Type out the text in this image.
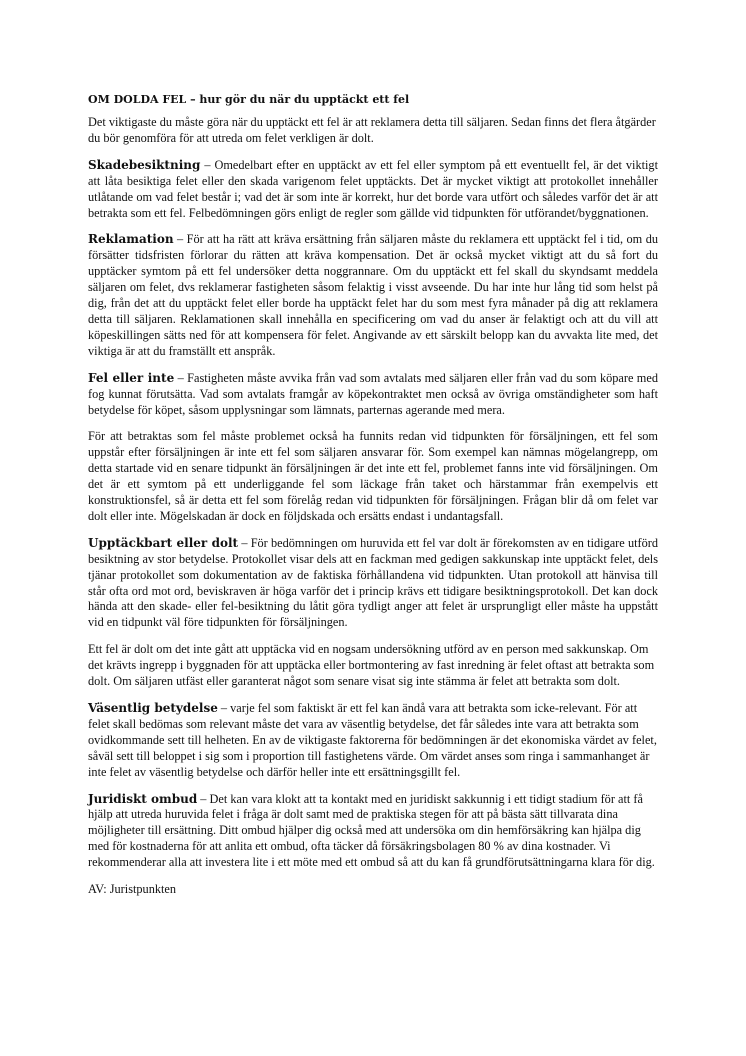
OM DOLDA FEL – hur gör du när du upptäckt ett fel

Det viktigaste du måste göra när du upptäckt ett fel är att reklamera detta till säljaren. Sedan finns det flera åtgärder du bör genomföra för att utreda om felet verkligen är dolt.

Skadebesiktning – Omedelbart efter en upptäckt av ett fel eller symptom på ett eventuellt fel, är det viktigt att låta besiktiga felet eller den skada varigenom felet upptäckts. Det är mycket viktigt att protokollet innehåller utlåtande om vad felet består i; vad det är som inte är korrekt, hur det borde vara utfört och således varför det är att betrakta som ett fel. Felbedömningen görs enligt de regler som gällde vid tidpunkten för utförandet/byggnationen.

Reklamation – För att ha rätt att kräva ersättning från säljaren måste du reklamera ett upptäckt fel i tid, om du försätter tidsfristen förlorar du rätten att kräva kompensation. Det är också mycket viktigt att du så fort du upptäcker symtom på ett fel undersöker detta noggrannare. Om du upptäckt ett fel skall du skyndsamt meddela säljaren om felet, dvs reklamerar fastigheten såsom felaktig i visst avseende. Du har inte hur lång tid som helst på dig, från det att du upptäckt felet eller borde ha upptäckt felet har du som mest fyra månader på dig att reklamera detta till säljaren. Reklamationen skall innehålla en specificering om vad du anser är felaktigt och att du vill att köpeskillingen sätts ned för att kompensera för felet. Angivande av ett särskilt belopp kan du avvakta lite med, det viktiga är att du framställt ett anspråk.

Fel eller inte – Fastigheten måste avvika från vad som avtalats med säljaren eller från vad du som köpare med fog kunnat förutsätta. Vad som avtalats framgår av köpekontraktet men också av övriga omständigheter som haft betydelse för köpet, såsom upplysningar som lämnats, parternas agerande med mera.

För att betraktas som fel måste problemet också ha funnits redan vid tidpunkten för försäljningen, ett fel som uppstår efter försäljningen är inte ett fel som säljaren ansvarar för. Som exempel kan nämnas mögelangrepp, om detta startade vid en senare tidpunkt än försäljningen är det inte ett fel, problemet fanns inte vid försäljningen. Om det är ett symtom på ett underliggande fel som läckage från taket och härstammar från exempelvis ett konstruktionsfel, så är detta ett fel som förelåg redan vid tidpunkten för försäljningen. Frågan blir då om felet var dolt eller inte. Mögelskadan är dock en följdskada och ersätts endast i undantagsfall.

Upptäckbart eller dolt – För bedömningen om huruvida ett fel var dolt är förekomsten av en tidigare utförd besiktning av stor betydelse. Protokollet visar dels att en fackman med gedigen sakkunskap inte upptäckt felet, dels tjänar protokollet som dokumentation av de faktiska förhållandena vid tidpunkten. Utan protokoll att hänvisa till står ofta ord mot ord, beviskraven är höga varför det i princip krävs ett tidigare besiktningsprotokoll. Det kan dock hända att den skade- eller fel-besiktning du låtit göra tydligt anger att felet är ursprungligt eller måste ha uppstått vid en tidpunkt väl före tidpunkten för försäljningen.

Ett fel är dolt om det inte gått att upptäcka vid en nogsam undersökning utförd av en person med sakkunskap. Om det krävts ingrepp i byggnaden för att upptäcka eller bortmontering av fast inredning är felet oftast att betrakta som dolt. Om säljaren utfäst eller garanterat något som senare visat sig inte stämma är felet att betrakta som dolt.

Väsentlig betydelse – varje fel som faktiskt är ett fel kan ändå vara att betrakta som icke-relevant. För att felet skall bedömas som relevant måste det vara av väsentlig betydelse, det får således inte vara att betrakta som ovidkommande sett till helheten. En av de viktigaste faktorerna för bedömningen är det ekonomiska värdet av felet, såväl sett till beloppet i sig som i proportion till fastighetens värde. Om värdet anses som ringa i sammanhanget är inte felet av väsentlig betydelse och därför heller inte ett ersättningsgillt fel.

Juridiskt ombud – Det kan vara klokt att ta kontakt med en juridiskt sakkunnig i ett tidigt stadium för att få hjälp att utreda huruvida felet i fråga är dolt samt med de praktiska stegen för att på bästa sätt tillvarata dina möjligheter till ersättning. Ditt ombud hjälper dig också med att undersöka om din hemförsäkring kan hjälpa dig med för kostnaderna för att anlita ett ombud, ofta täcker då försäkringsbolagen 80 % av dina kostnader. Vi rekommenderar alla att investera lite i ett möte med ett ombud så att du kan få grundförutsättningarna klara för dig.

AV: Juristpunkten
